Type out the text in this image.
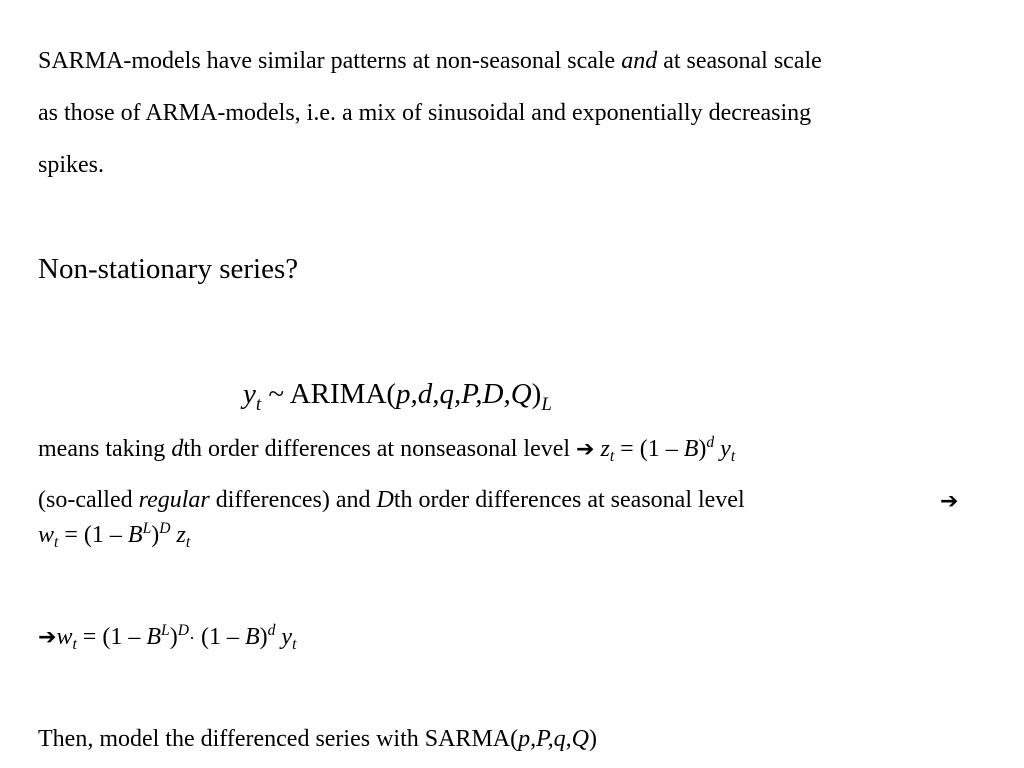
SARMA-models have similar patterns at non-seasonal scale and at seasonal scale
as those of ARMA-models, i.e. a mix of sinusoidal and exponentially decreasing
spikes.
Non-stationary series?
$y_t$ ~ $ARIMA(p,d,q,P,D,Q)_L$
means taking dth order differences at nonseasonal level ➔ $z_t = (1 - B)^d$ $y_t$
(so-called regular differences) and Dth order differences at seasonal level	➔
$w_t = (1 - B^L)^D$ $z_t$
$➔w_t = (1 - B^L)^D\cdot (1 - B)^d$ $y_t$
Then, model the differenced series with SARMA(p,P,q,Q)
